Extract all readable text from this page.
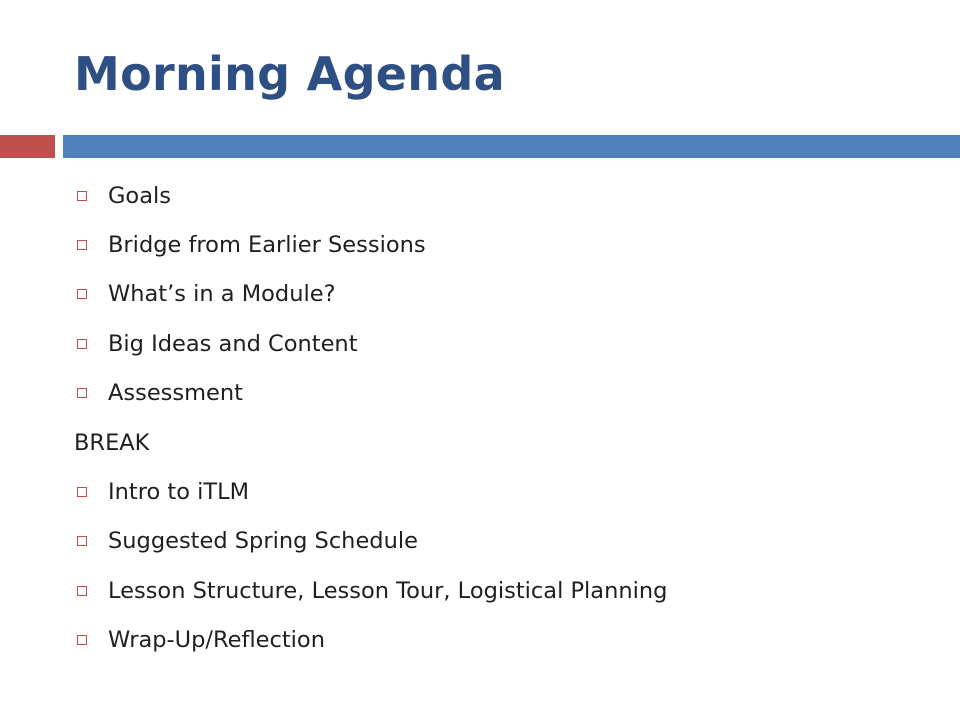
Morning Agenda
Goals
Bridge from Earlier Sessions
What’s in a Module?
Big Ideas and Content
Assessment
BREAK
Intro to iTLM
Suggested Spring Schedule
Lesson Structure, Lesson Tour, Logistical Planning
Wrap-Up/Reflection
